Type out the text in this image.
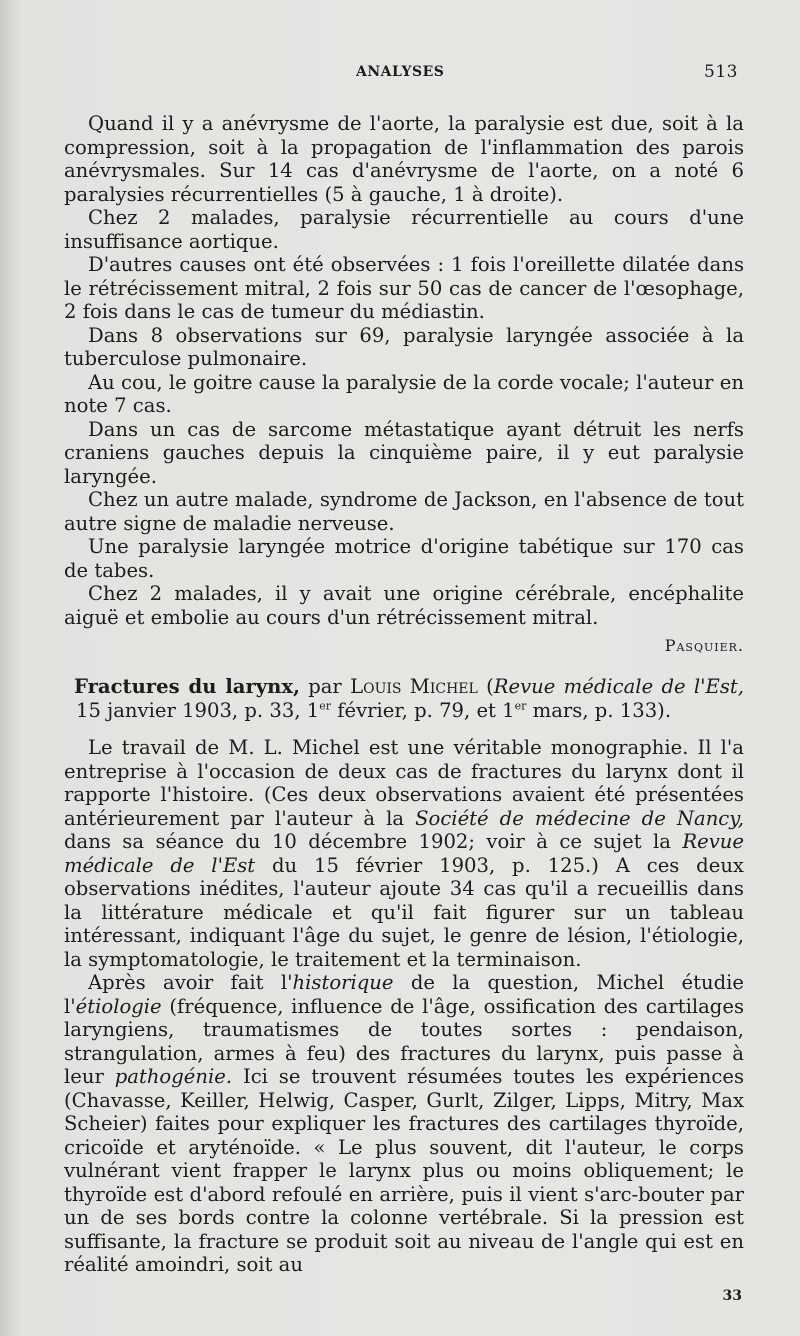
ANALYSES	513

Quand il y a anévrysme de l'aorte, la paralysie est due, soit à la compression, soit à la propagation de l'inflammation des parois anévrysmales. Sur 14 cas d'anévrysme de l'aorte, on a noté 6 paralysies récurrentielles (5 à gauche, 1 à droite).

Chez 2 malades, paralysie récurrentielle au cours d'une insuffisance aortique.

D'autres causes ont été observées : 1 fois l'oreillette dilatée dans le rétrécissement mitral, 2 fois sur 50 cas de cancer de l'œsophage, 2 fois dans le cas de tumeur du médiastin.

Dans 8 observations sur 69, paralysie laryngée associée à la tuberculose pulmonaire.

Au cou, le goitre cause la paralysie de la corde vocale; l'auteur en note 7 cas.

Dans un cas de sarcome métastatique ayant détruit les nerfs craniens gauches depuis la cinquième paire, il y eut paralysie laryngée.

Chez un autre malade, syndrome de Jackson, en l'absence de tout autre signe de maladie nerveuse.

Une paralysie laryngée motrice d'origine tabétique sur 170 cas de tabes.

Chez 2 malades, il y avait une origine cérébrale, encéphalite aiguë et embolie au cours d'un rétrécissement mitral.

Pasquier.

Fractures du larynx, par Louis Michel (Revue médicale de l'Est, 15 janvier 1903, p. 33, 1er février, p. 79, et 1er mars, p. 133).

Le travail de M. L. Michel est une véritable monographie. Il l'a entreprise à l'occasion de deux cas de fractures du larynx dont il rapporte l'histoire. (Ces deux observations avaient été présentées antérieurement par l'auteur à la Société de médecine de Nancy, dans sa séance du 10 décembre 1902; voir à ce sujet la Revue médicale de l'Est du 15 février 1903, p. 125.) A ces deux observations inédites, l'auteur ajoute 34 cas qu'il a recueillis dans la littérature médicale et qu'il fait figurer sur un tableau intéressant, indiquant l'âge du sujet, le genre de lésion, l'étiologie, la symptomatologie, le traitement et la terminaison.

Après avoir fait l'historique de la question, Michel étudie l'étiologie (fréquence, influence de l'âge, ossification des cartilages laryngiens, traumatismes de toutes sortes : pendaison, strangulation, armes à feu) des fractures du larynx, puis passe à leur pathogénie. Ici se trouvent résumées toutes les expériences (Chavasse, Keiller, Helwig, Casper, Gurlt, Zilger, Lipps, Mitry, Max Scheier) faites pour expliquer les fractures des cartilages thyroïde, cricoïde et aryténoïde. « Le plus souvent, dit l'auteur, le corps vulnérant vient frapper le larynx plus ou moins obliquement; le thyroïde est d'abord refoulé en arrière, puis il vient s'arc-bouter par un de ses bords contre la colonne vertébrale. Si la pression est suffisante, la fracture se produit soit au niveau de l'angle qui est en réalité amoindri, soit au

33
